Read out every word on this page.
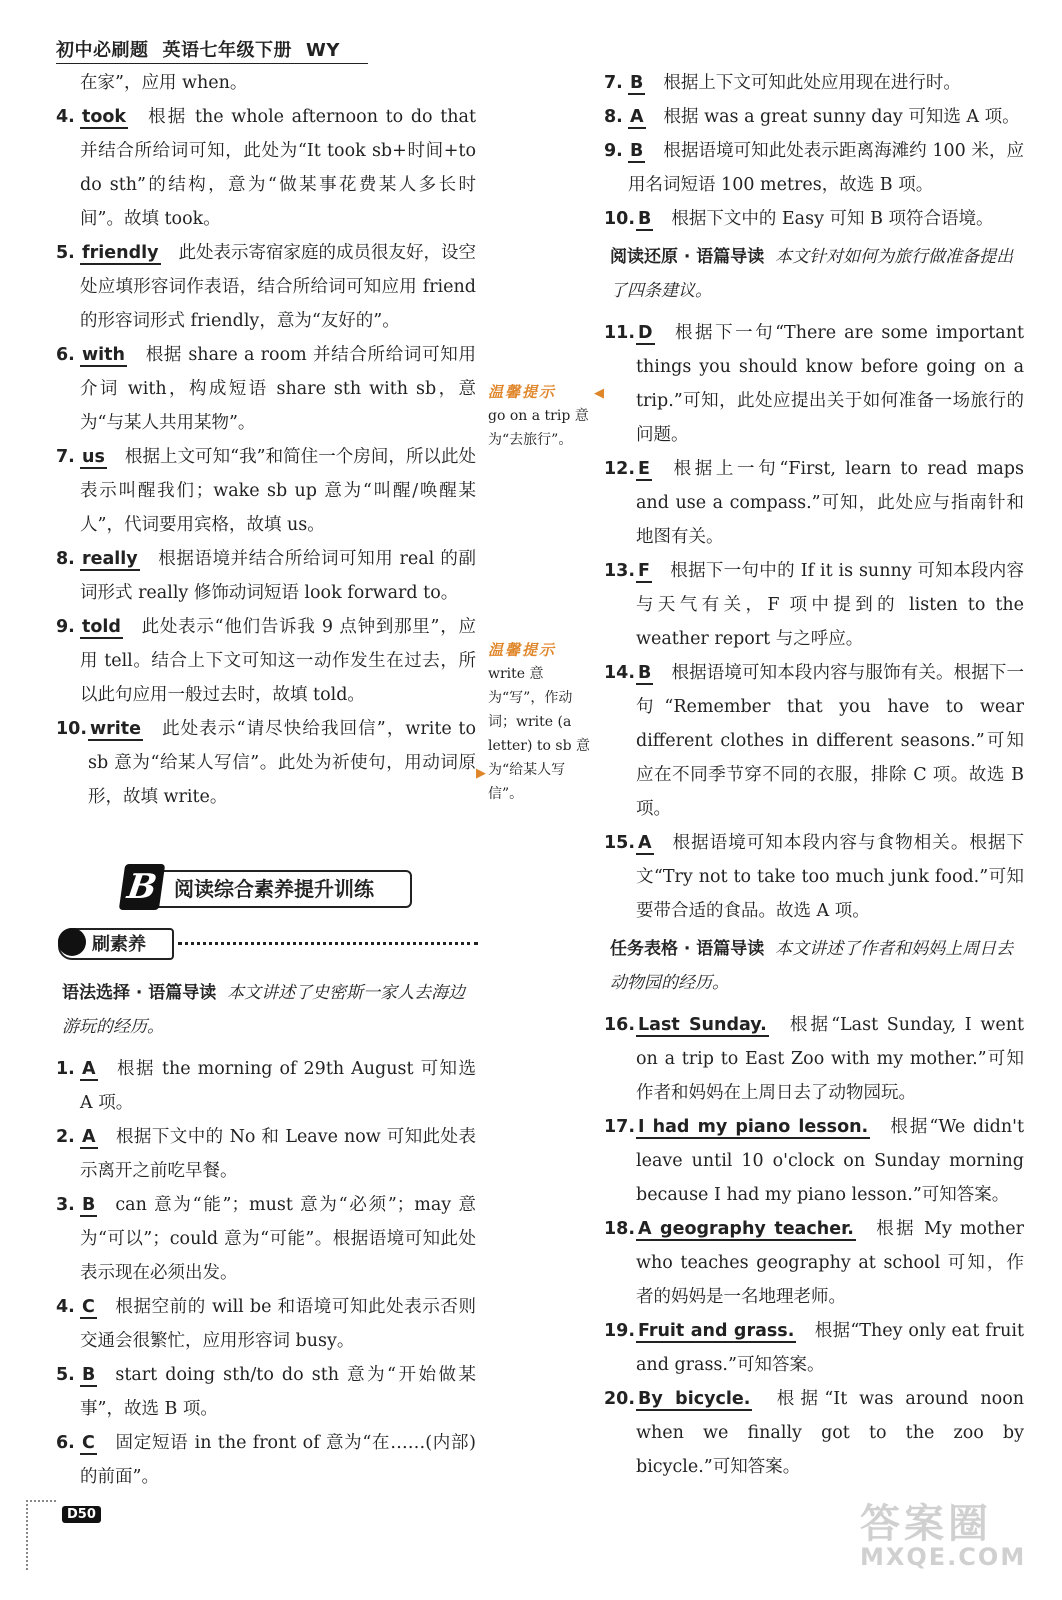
初中必刷题 英语七年级下册 WY
在家”，应用 when。
4. took 根据 the whole afternoon to do that 并结合所给词可知，此处为“It took sb+时间+to do sth”的结构，意为“做某事花费某人多长时间”。故填 took。
5. friendly 此处表示寄宿家庭的成员很友好，设空处应填形容词作表语，结合所给词可知应用 friend 的形容词形式 friendly，意为“友好的”。
6. with 根据 share a room 并结合所给词可知用介词 with，构成短语 share sth with sb，意为“与某人共用某物”。
7. us 根据上文可知“我”和简住一个房间，所以此处表示叫醒我们；wake sb up 意为“叫醒/唤醒某人”，代词要用宾格，故填 us。
8. really 根据语境并结合所给词可知用 real 的副词形式 really 修饰动词短语 look forward to。
9. told 此处表示“他们告诉我 9 点钟到那里”，应用 tell。结合上下文可知这一动作发生在过去，所以此句应用一般过去时，故填 told。
10. write 此处表示“请尽快给我回信”，write to sb 意为“给某人写信”。此处为祈使句，用动词原形，故填 write。
B 阅读综合素养提升训练
刷素养
语法选择 · 语篇导读 本文讲述了史密斯一家人去海边游玩的经历。
1. A 根据 the morning of 29th August 可知选 A 项。
2. A 根据下文中的 No 和 Leave now 可知此处表示离开之前吃早餐。
3. B can 意为“能”；must 意为“必须”；may 意为“可以”；could 意为“可能”。根据语境可知此处表示现在必须出发。
4. C 根据空前的 will be 和语境可知此处表示否则交通会很繁忙，应用形容词 busy。
5. B start doing sth/to do sth 意为“开始做某事”，故选 B 项。
6. C 固定短语 in the front of 意为“在……(内部)的前面”。
温馨提示
go on a trip 意为“去旅行”。
温馨提示
write 意为“写”，作动词；write (a letter) to sb 意为“给某人写信”。
◀
▶
7. B 根据上下文可知此处应用现在进行时。
8. A 根据 was a great sunny day 可知选 A 项。
9. B 根据语境可知此处表示距离海滩约 100 米，应用名词短语 100 metres，故选 B 项。
10. B 根据下文中的 Easy 可知 B 项符合语境。
阅读还原 · 语篇导读 本文针对如何为旅行做准备提出了四条建议。
11. D 根据下一句“There are some important things you should know before going on a trip.”可知，此处应提出关于如何准备一场旅行的问题。
12. E 根据上一句“First, learn to read maps and use a compass.”可知，此处应与指南针和地图有关。
13. F 根据下一句中的 If it is sunny 可知本段内容与天气有关，F 项中提到的 listen to the weather report 与之呼应。
14. B 根据语境可知本段内容与服饰有关。根据下一句“Remember that you have to wear different clothes in different seasons.”可知应在不同季节穿不同的衣服，排除 C 项。故选 B 项。
15. A 根据语境可知本段内容与食物相关。根据下文“Try not to take too much junk food.”可知要带合适的食品。故选 A 项。
任务表格 · 语篇导读 本文讲述了作者和妈妈上周日去动物园的经历。
16. Last Sunday. 根据“Last Sunday, I went on a trip to East Zoo with my mother.”可知作者和妈妈在上周日去了动物园玩。
17. I had my piano lesson. 根据“We didn't leave until 10 o'clock on Sunday morning because I had my piano lesson.”可知答案。
18. A geography teacher. 根据 My mother who teaches geography at school 可知，作者的妈妈是一名地理老师。
19. Fruit and grass. 根据“They only eat fruit and grass.”可知答案。
20. By bicycle. 根据“It was around noon when we finally got to the zoo by bicycle.”可知答案。
D50	答案圈
MXQE.COM
